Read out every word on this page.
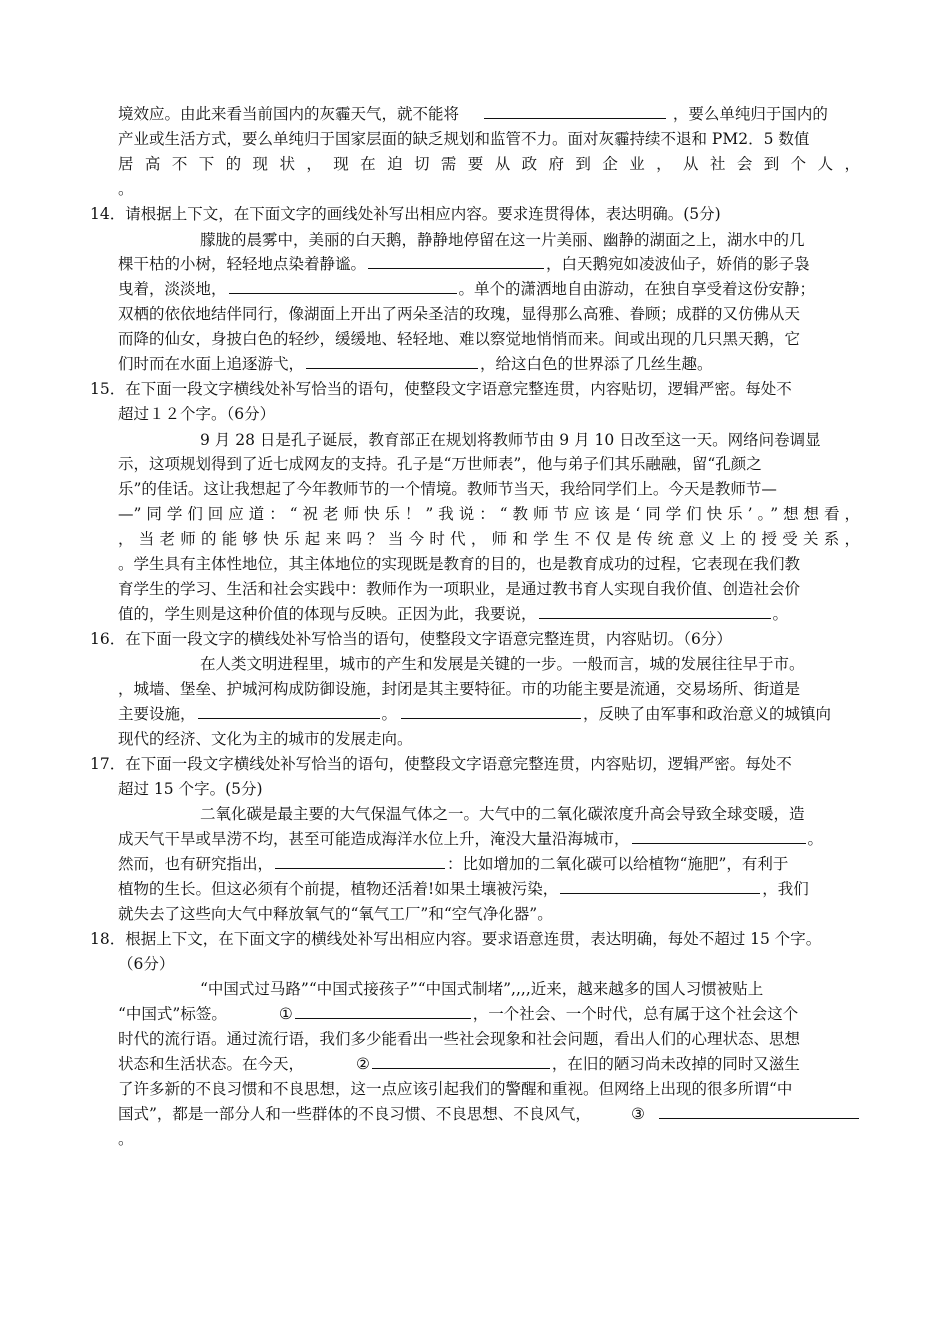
境效应。由此来看当前国内的灰霾天气，就不能将	，要么单纯归于国内的
产业或生活方式，要么单纯归于国家层面的缺乏规划和监管不力。面对灰霾持续不退和 PM2．5 数值
居高不下的现状，现在迫切需要从政府到企业，从社会到个人，
。
14．请根据上下文，在下面文字的画线处补写出相应内容。要求连贯得体，表达明确。(5分)
朦胧的晨雾中，美丽的白天鹅，静静地停留在这一片美丽、幽静的湖面之上，湖水中的几
棵干枯的小树，轻轻地点染着静谧。	，白天鹅宛如凌波仙子，娇俏的影子袅
曳着，淡淡地，	。单个的潇洒地自由游动，在独自享受着这份安静；
双栖的依依地结伴同行，像湖面上开出了两朵圣洁的玫瑰，显得那么高雅、眷顾；成群的又仿佛从天
而降的仙女，身披白色的轻纱，缓缓地、轻轻地、难以察觉地悄悄而来。间或出现的几只黑天鹅，它
们时而在水面上追逐游弋，	，给这白色的世界添了几丝生趣。
15．在下面一段文字横线处补写恰当的语句，使整段文字语意完整连贯，内容贴切，逻辑严密。每处不
超过１２个字。（6分）
9 月 28 日是孔子诞辰，教育部正在规划将教师节由 9 月 10 日改至这一天。网络问卷调显
示，这项规划得到了近七成网友的支持。孔子是“万世师表”，他与弟子们其乐融融，留“孔颜之
乐”的佳话。这让我想起了今年教师节的一个情境。教师节当天，我给同学们上。今天是教师节—
—”同学们回应道：“祝老师快乐！”我说：“教师节应该是‘同学们快乐’。”想想看，
，当老师的能够快乐起来吗？当今时代，师和学生不仅是传统意义上的授受关系，
。学生具有主体性地位，其主体地位的实现既是教育的目的，也是教育成功的过程，它表现在我们教
育学生的学习、生活和社会实践中：教师作为一项职业，是通过教书育人实现自我价值、创造社会价
值的，学生则是这种价值的体现与反映。正因为此，我要说，	。
16．在下面一段文字的横线处补写恰当的语句，使整段文字语意完整连贯，内容贴切。（6分）
在人类文明进程里，城市的产生和发展是关键的一步。一般而言，城的发展往往早于市。
，城墙、堡垒、护城河构成防御设施，封闭是其主要特征。市的功能主要是流通，交易场所、街道是
主要设施，	。	，反映了由军事和政治意义的城镇向
现代的经济、文化为主的城市的发展走向。
17．在下面一段文字横线处补写恰当的语句，使整段文字语意完整连贯，内容贴切，逻辑严密。每处不
超过 15 个字。(5分)
二氧化碳是最主要的大气保温气体之一。大气中的二氧化碳浓度升高会导致全球变暖，造
成天气干旱或旱涝不均，甚至可能造成海洋水位上升，淹没大量沿海城市，	。
然而，也有研究指出，	：比如增加的二氧化碳可以给植物“施肥”，有利于
植物的生长。但这必须有个前提，植物还活着!如果土壤被污染，	，我们
就失去了这些向大气中释放氧气的“氧气工厂”和“空气净化器”。
18．根据上下文，在下面文字的横线处补写出相应内容。要求语意连贯，表达明确，每处不超过 15 个字。
（6分）
“中国式过马路”“中国式接孩子”“中国式制堵”,,,,近来，越来越多的国人习惯被贴上
“中国式”标签。	①	，一个社会、一个时代，总有属于这个社会这个
时代的流行语。通过流行语，我们多少能看出一些社会现象和社会问题，看出人们的心理状态、思想
状态和生活状态。在今天，	②	，在旧的陋习尚未改掉的同时又滋生
了许多新的不良习惯和不良思想，这一点应该引起我们的警醒和重视。但网络上出现的很多所谓“中
国式”，都是一部分人和一些群体的不良习惯、不良思想、不良风气，	③
。
